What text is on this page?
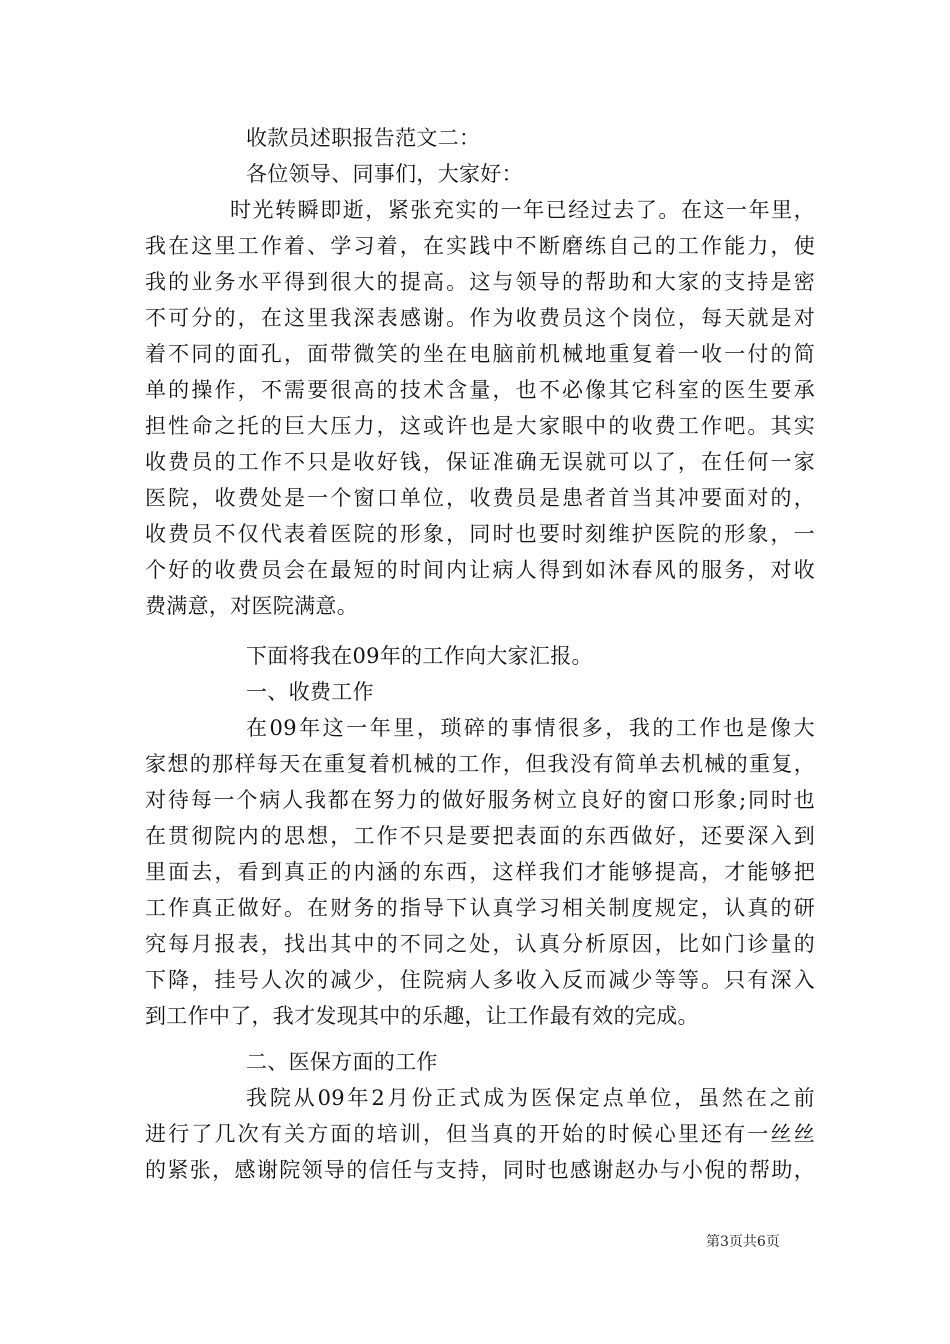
收款员述职报告范文二：
各位领导、同事们，大家好：
时光转瞬即逝，紧张充实的一年已经过去了。在这一年里，
我在这里工作着、学习着，在实践中不断磨练自己的工作能力，使
我的业务水平得到很大的提高。这与领导的帮助和大家的支持是密
不可分的，在这里我深表感谢。作为收费员这个岗位，每天就是对
着不同的面孔，面带微笑的坐在电脑前机械地重复着一收一付的简
单的操作，不需要很高的技术含量，也不必像其它科室的医生要承
担性命之托的巨大压力，这或许也是大家眼中的收费工作吧。其实
收费员的工作不只是收好钱，保证准确无误就可以了，在任何一家
医院，收费处是一个窗口单位，收费员是患者首当其冲要面对的，
收费员不仅代表着医院的形象，同时也要时刻维护医院的形象，一
个好的收费员会在最短的时间内让病人得到如沐春风的服务，对收
费满意，对医院满意。
下面将我在09年的工作向大家汇报。
一、收费工作
在09年这一年里，琐碎的事情很多，我的工作也是像大
家想的那样每天在重复着机械的工作，但我没有简单去机械的重复，
对待每一个病人我都在努力的做好服务树立良好的窗口形象;同时也
在贯彻院内的思想，工作不只是要把表面的东西做好，还要深入到
里面去，看到真正的内涵的东西，这样我们才能够提高，才能够把
工作真正做好。在财务的指导下认真学习相关制度规定，认真的研
究每月报表，找出其中的不同之处，认真分析原因，比如门诊量的
下降，挂号人次的减少，住院病人多收入反而减少等等。只有深入
到工作中了，我才发现其中的乐趣，让工作最有效的完成。
二、医保方面的工作
我院从09年2月份正式成为医保定点单位，虽然在之前
进行了几次有关方面的培训，但当真的开始的时候心里还有一丝丝
的紧张，感谢院领导的信任与支持，同时也感谢赵办与小倪的帮助，
第3页共6页
